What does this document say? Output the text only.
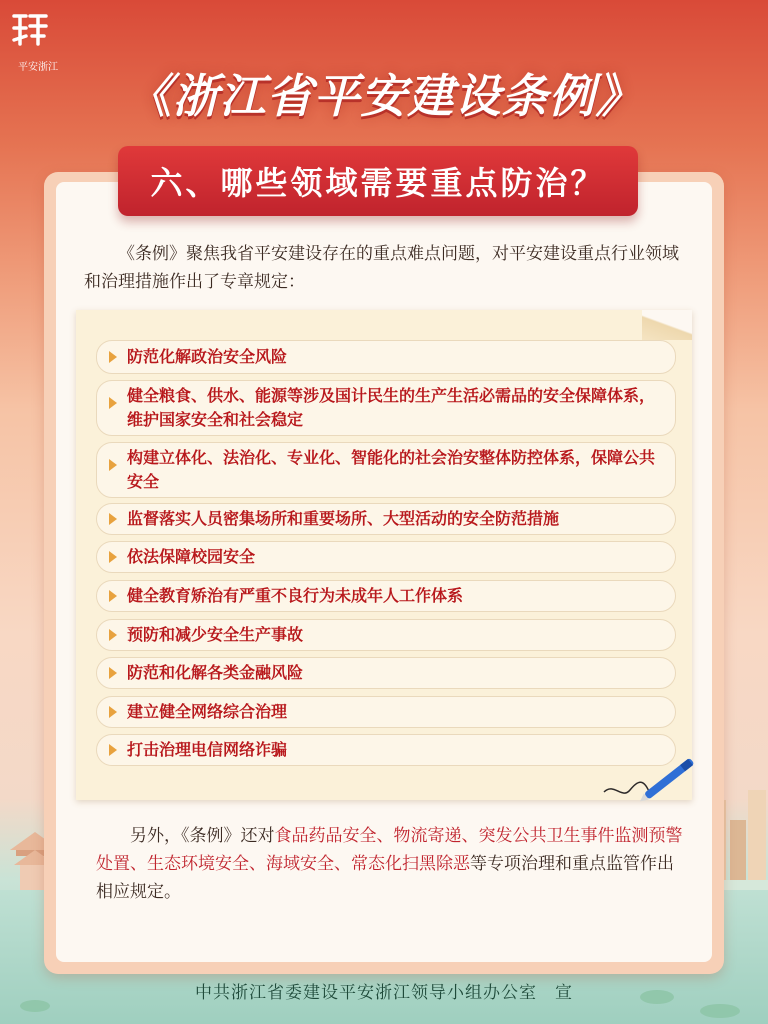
平安浙江
《浙江省平安建设条例》
六、哪些领域需要重点防治？

《条例》聚焦我省平安建设存在的重点难点问题，对平安建设重点行业领域和治理措施作出了专章规定：

防范化解政治安全风险
健全粮食、供水、能源等涉及国计民生的生产生活必需品的安全保障体系，维护国家安全和社会稳定
构建立体化、法治化、专业化、智能化的社会治安整体防控体系，保障公共安全
监督落实人员密集场所和重要场所、大型活动的安全防范措施
依法保障校园安全
健全教育矫治有严重不良行为未成年人工作体系
预防和减少安全生产事故
防范和化解各类金融风险
建立健全网络综合治理
打击治理电信网络诈骗

另外，《条例》还对食品药品安全、物流寄递、突发公共卫生事件监测预警处置、生态环境安全、海域安全、常态化扫黑除恶等专项治理和重点监管作出相应规定。

中共浙江省委建设平安浙江领导小组办公室　宣
